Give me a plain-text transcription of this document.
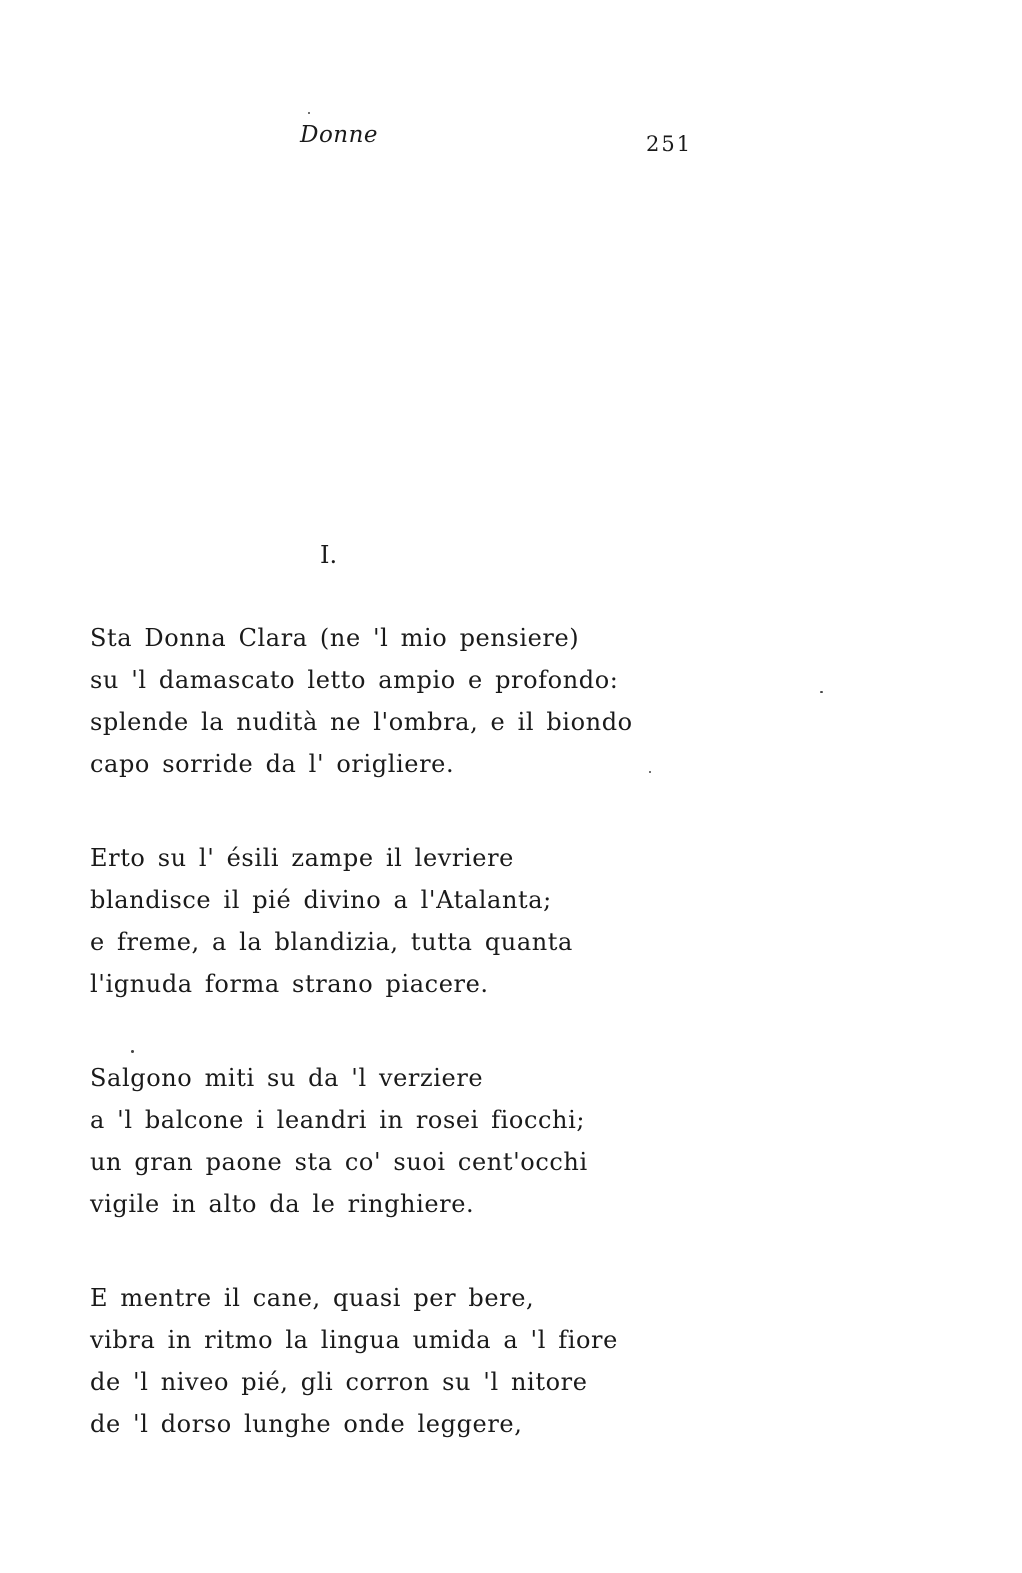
Donne	251
I.
Sta Donna Clara (ne 'l mio pensiere)
su 'l damascato letto ampio e profondo:
splende la nudità ne l'ombra, e il biondo
capo sorride da l' origliere.
Erto su l' ésili zampe il levriere
blandisce il pié divino a l'Atalanta;
e freme, a la blandizia, tutta quanta
l'ignuda forma strano piacere.
Salgono miti su da 'l verziere
a 'l balcone i leandri in rosei fiocchi;
un gran paone sta co' suoi cent'occhi
vigile in alto da le ringhiere.
E mentre il cane, quasi per bere,
vibra in ritmo la lingua umida a 'l fiore
de 'l niveo pié, gli corron su 'l nitore
de 'l dorso lunghe onde leggere,
